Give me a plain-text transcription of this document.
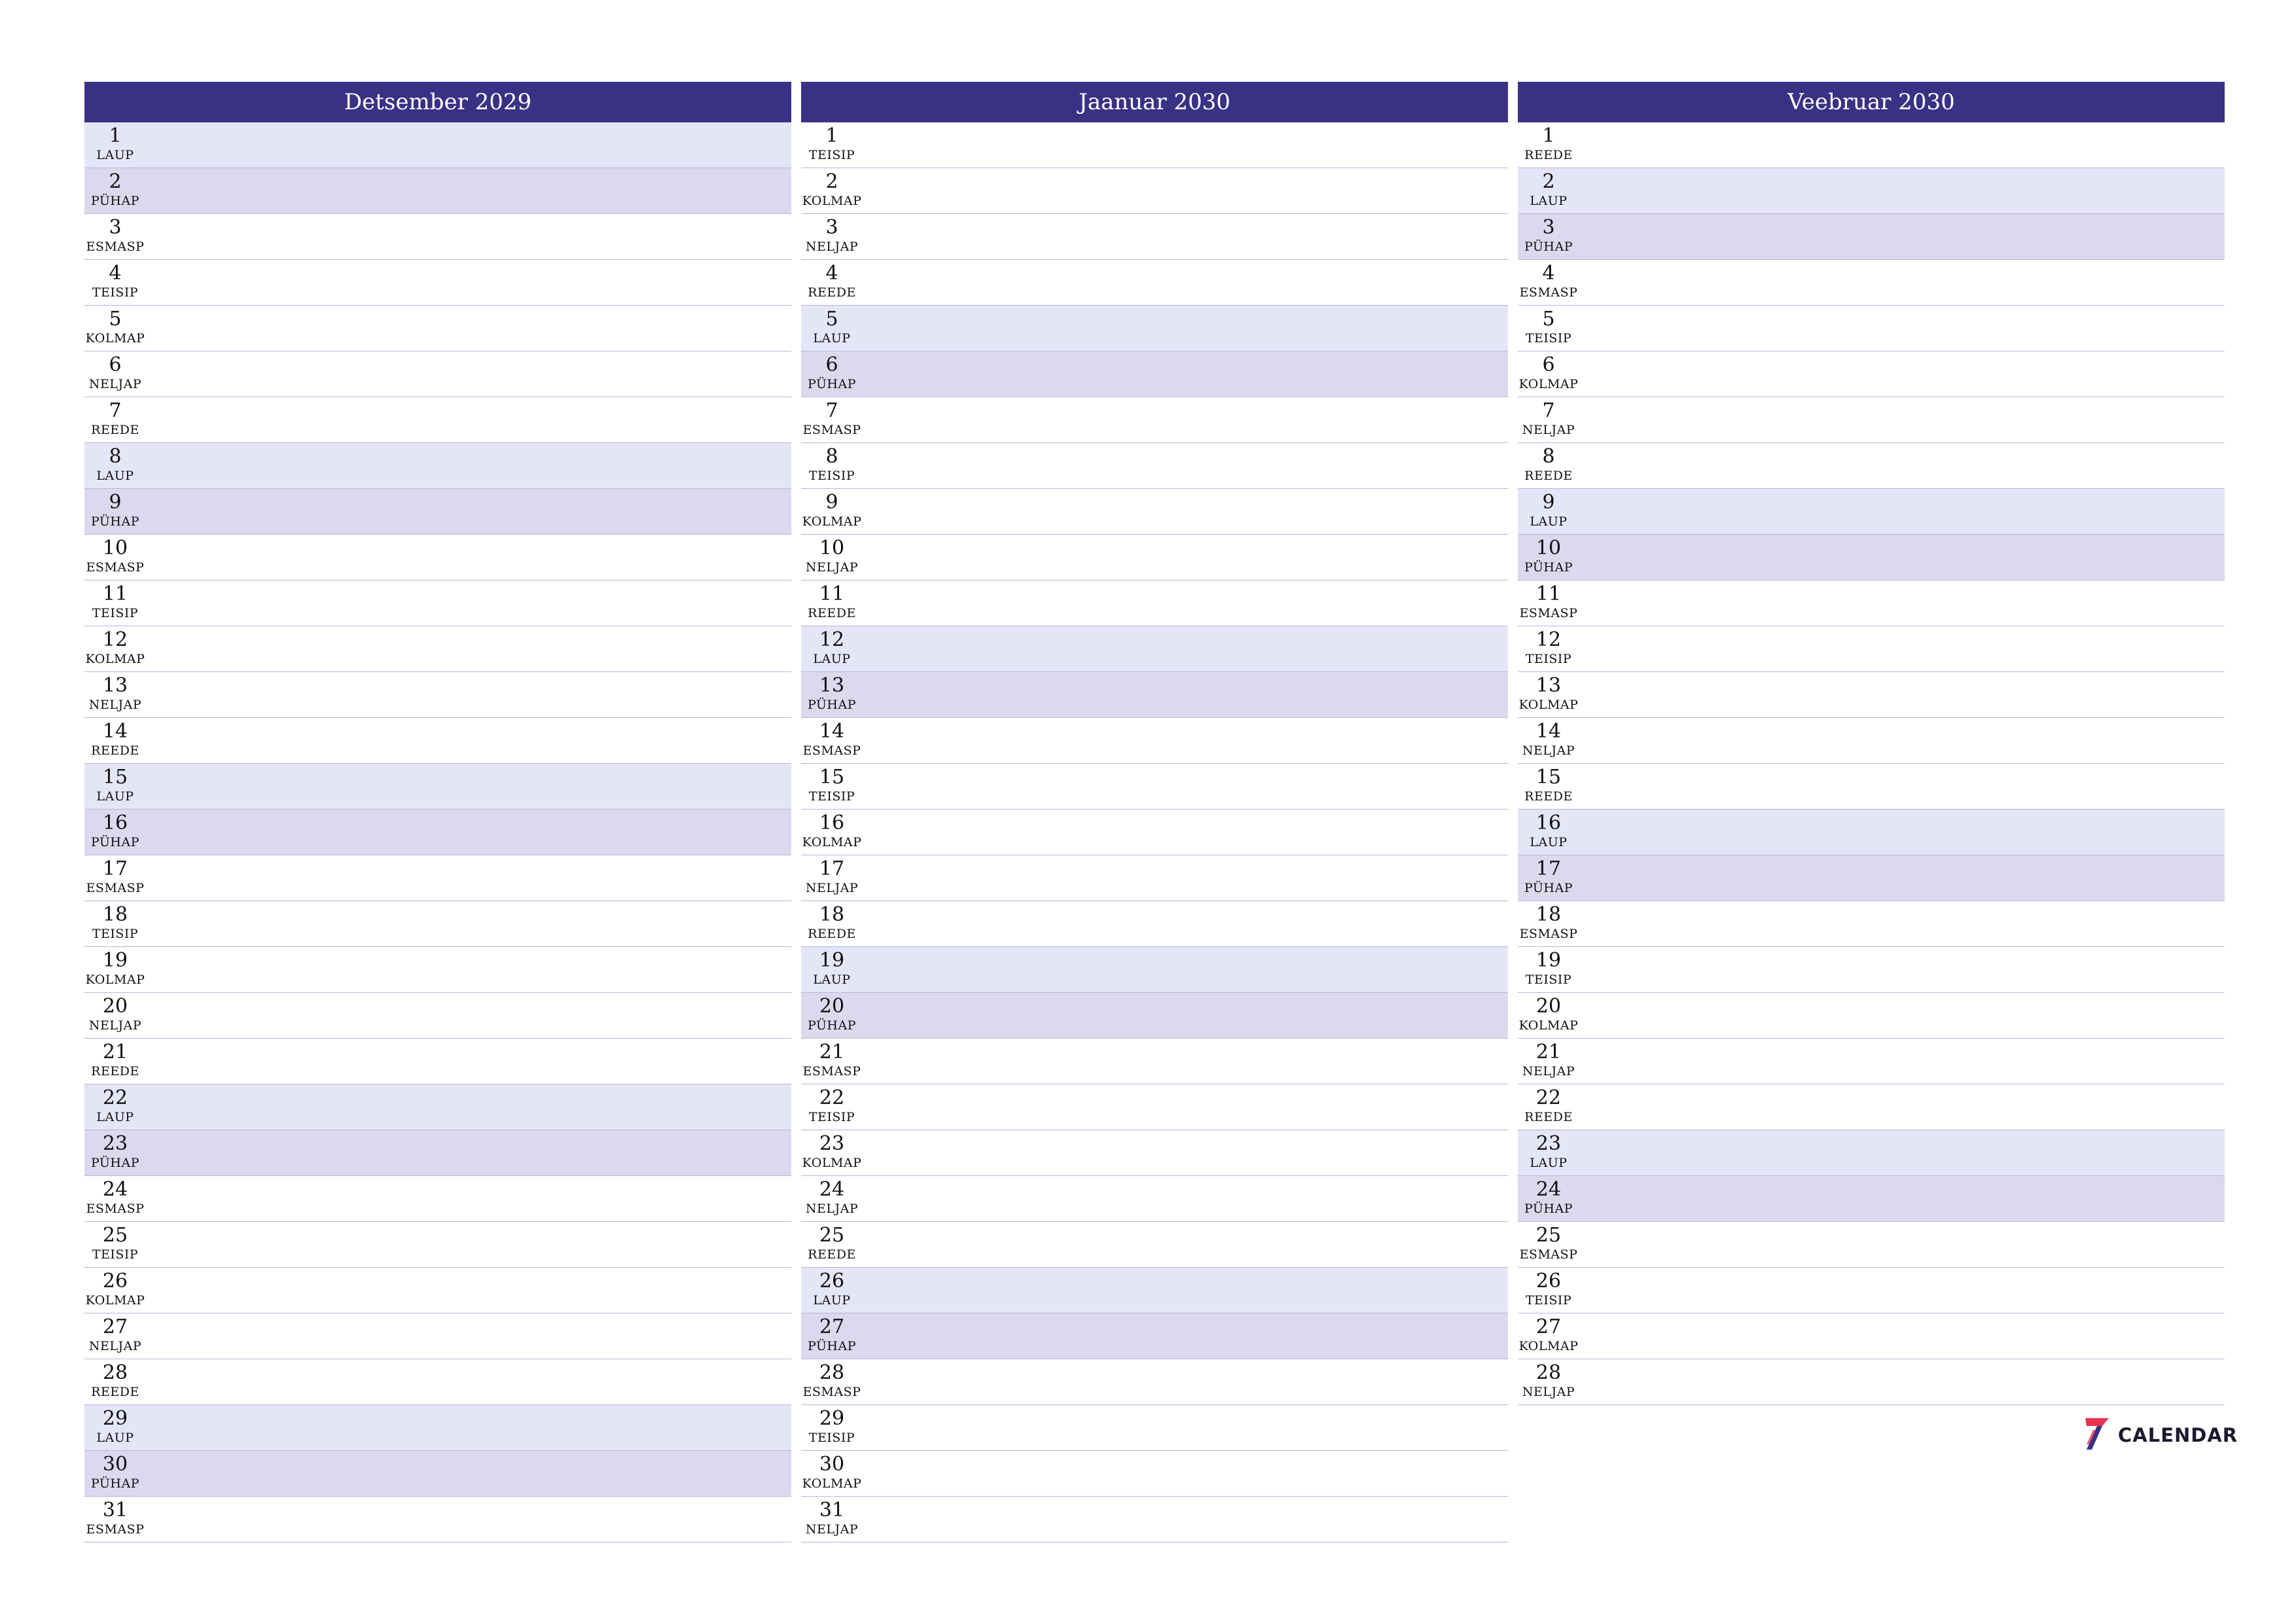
Detsember 2029
1
LAUP
2
PÜHAP
3
ESMASP
4
TEISIP
5
KOLMAP
6
NELJAP
7
REEDE
8
LAUP
9
PÜHAP
10
ESMASP
11
TEISIP
12
KOLMAP
13
NELJAP
14
REEDE
15
LAUP
16
PÜHAP
17
ESMASP
18
TEISIP
19
KOLMAP
20
NELJAP
21
REEDE
22
LAUP
23
PÜHAP
24
ESMASP
25
TEISIP
26
KOLMAP
27
NELJAP
28
REEDE
29
LAUP
30
PÜHAP
31
ESMASP
Jaanuar 2030
1
TEISIP
2
KOLMAP
3
NELJAP
4
REEDE
5
LAUP
6
PÜHAP
7
ESMASP
8
TEISIP
9
KOLMAP
10
NELJAP
11
REEDE
12
LAUP
13
PÜHAP
14
ESMASP
15
TEISIP
16
KOLMAP
17
NELJAP
18
REEDE
19
LAUP
20
PÜHAP
21
ESMASP
22
TEISIP
23
KOLMAP
24
NELJAP
25
REEDE
26
LAUP
27
PÜHAP
28
ESMASP
29
TEISIP
30
KOLMAP
31
NELJAP
Veebruar 2030
1
REEDE
2
LAUP
3
PÜHAP
4
ESMASP
5
TEISIP
6
KOLMAP
7
NELJAP
8
REEDE
9
LAUP
10
PÜHAP
11
ESMASP
12
TEISIP
13
KOLMAP
14
NELJAP
15
REEDE
16
LAUP
17
PÜHAP
18
ESMASP
19
TEISIP
20
KOLMAP
21
NELJAP
22
REEDE
23
LAUP
24
PÜHAP
25
ESMASP
26
TEISIP
27
KOLMAP
28
NELJAP
CALENDAR
